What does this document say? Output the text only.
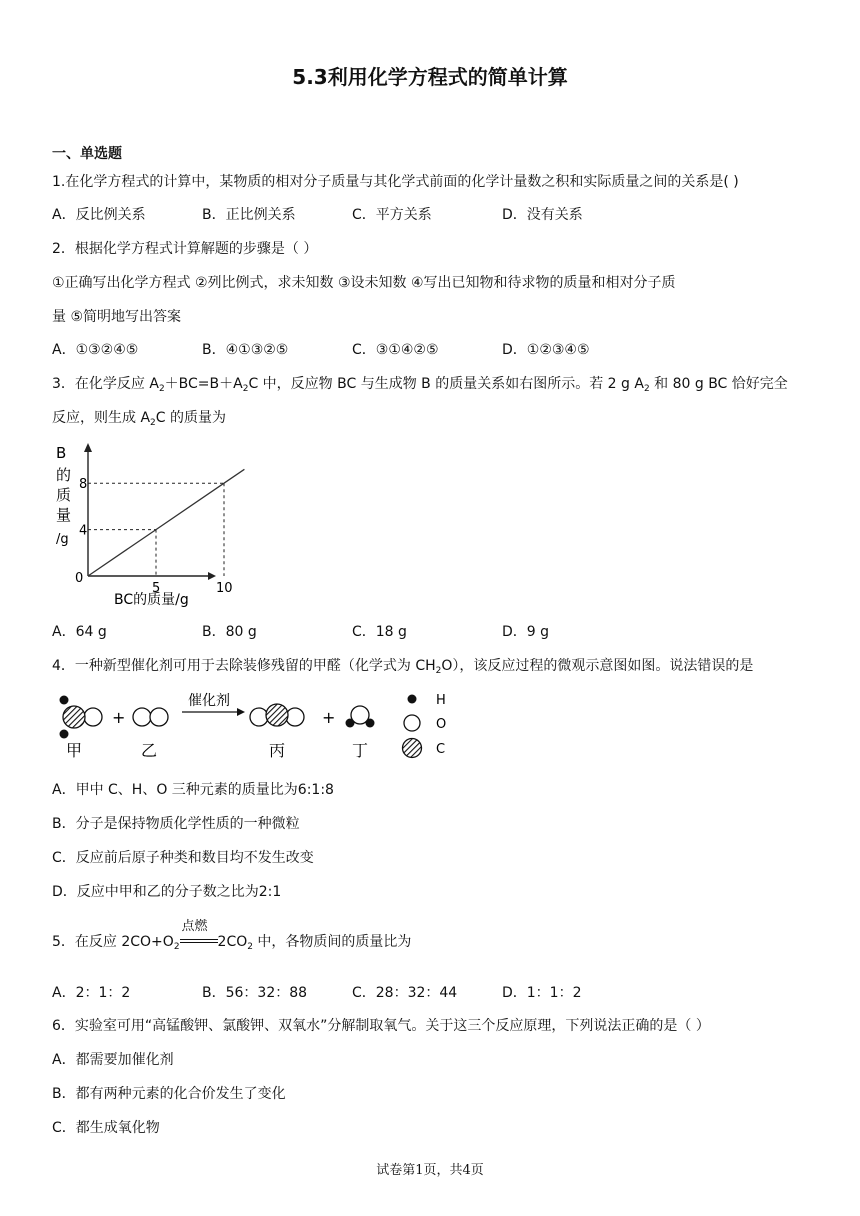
5.3利用化学方程式的简单计算
一、单选题
1.在化学方程式的计算中，某物质的相对分子质量与其化学式前面的化学计量数之积和实际质量之间的关系是( )
A．反比例关系	B．正比例关系	C．平方关系	D．没有关系
2．根据化学方程式计算解题的步骤是（ ）
①正确写出化学方程式 ②列比例式，求未知数 ③设未知数 ④写出已知物和待求物的质量和相对分子质
量 ⑤简明地写出答案
A．①③②④⑤	B．④①③②⑤	C．③①④②⑤	D．①②③④⑤
3．在化学反应 $A_2+BC=B+A_2C$ 中，反应物 BC 与生成物 B 的质量关系如右图所示。若 2 g $A_2$ 和 80 g BC 恰好完全
反应，则生成 $A_2C$ 的质量为
B
的
质
量
/g
5	10
4
8
0
BC的质量/g
A．64 g	B．80 g	C．18 g	D．9 g
4．一种新型催化剂可用于去除装修残留的甲醛（化学式为 $CH_2O$），该反应过程的微观示意图如图。说法错误的是
+
催化剂
+
H
O
C
甲	乙	丙	丁
A．甲中 C、H、O 三种元素的质量比为6:1:8
B．分子是保持物质化学性质的一种微粒
C．反应前后原子种类和数目均不发生改变
D．反应中甲和乙的分子数之比为2:1
5．在反应 $2CO+O_2$
点燃
$2CO_2$ 中，各物质间的质量比为
A．2：1：2	B．56：32：88	C．28：32：44	D．1：1：2
6．实验室可用“高锰酸钾、氯酸钾、双氧水”分解制取氧气。关于这三个反应原理，下列说法正确的是（ ）
A．都需要加催化剂
B．都有两种元素的化合价发生了变化
C．都生成氧化物
试卷第1页，共4页
